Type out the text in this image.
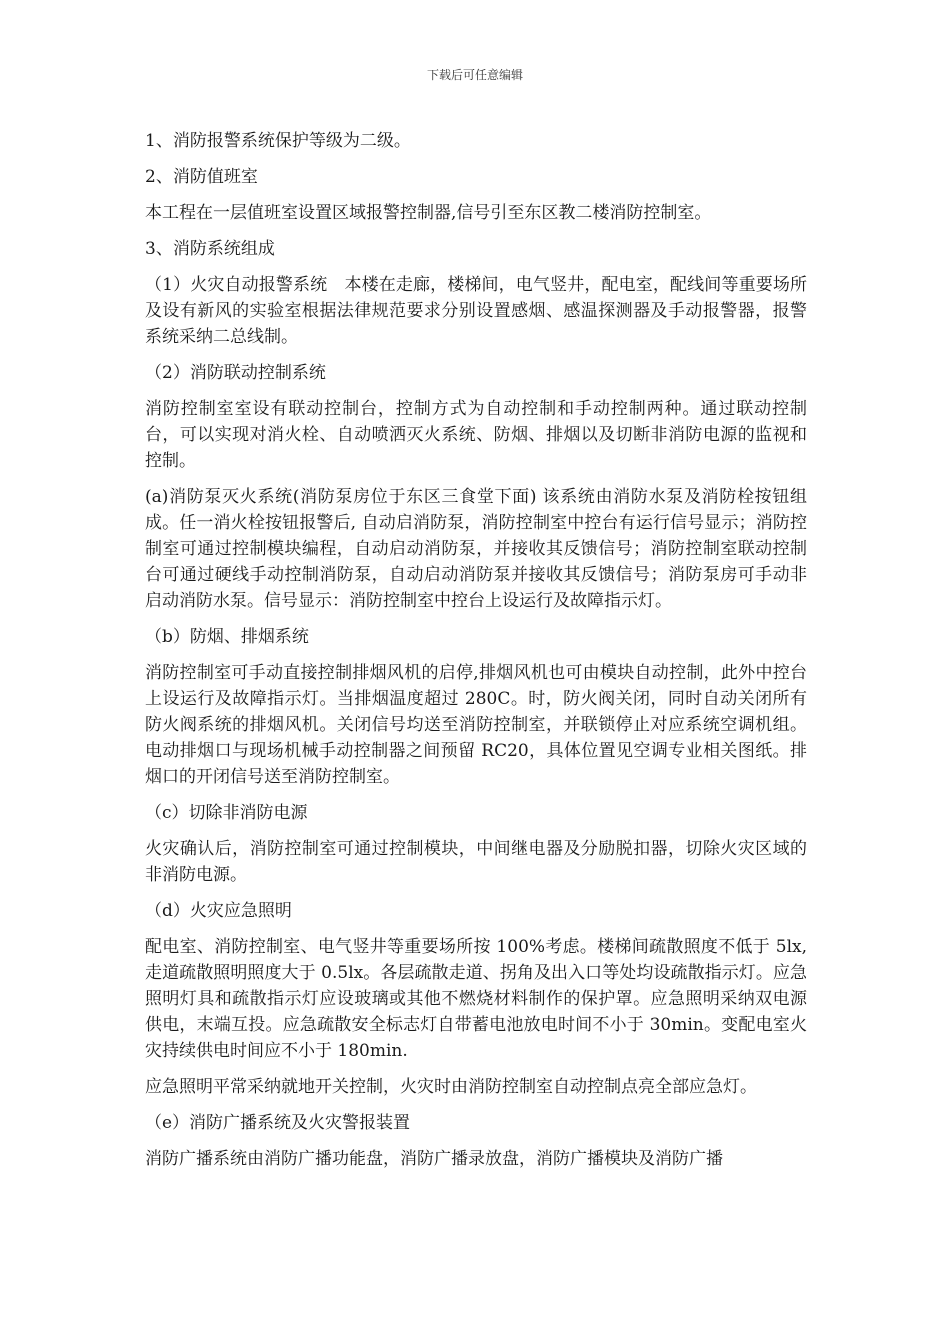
下载后可任意编辑

1、消防报警系统保护等级为二级。

2、消防值班室

本工程在一层值班室设置区域报警控制器,信号引至东区教二楼消防控制室。

3、消防系统组成

（1）火灾自动报警系统　本楼在走廊，楼梯间，电气竖井，配电室，配线间等重要场所及设有新风的实验室根据法律规范要求分别设置感烟、感温探测器及手动报警器，报警系统采纳二总线制。

（2）消防联动控制系统

消防控制室室设有联动控制台，控制方式为自动控制和手动控制两种。通过联动控制台，可以实现对消火栓、自动喷洒灭火系统、防烟、排烟以及切断非消防电源的监视和控制。

(a)消防泵灭火系统(消防泵房位于东区三食堂下面) 该系统由消防水泵及消防栓按钮组成。任一消火栓按钮报警后, 自动启消防泵，消防控制室中控台有运行信号显示；消防控制室可通过控制模块编程，自动启动消防泵，并接收其反馈信号；消防控制室联动控制台可通过硬线手动控制消防泵，自动启动消防泵并接收其反馈信号；消防泵房可手动非启动消防水泵。信号显示：消防控制室中控台上设运行及故障指示灯。

（b）防烟、排烟系统

消防控制室可手动直接控制排烟风机的启停,排烟风机也可由模块自动控制，此外中控台上设运行及故障指示灯。当排烟温度超过 280C。时，防火阀关闭，同时自动关闭所有防火阀系统的排烟风机。关闭信号均送至消防控制室，并联锁停止对应系统空调机组。电动排烟口与现场机械手动控制器之间预留 RC20，具体位置见空调专业相关图纸。排烟口的开闭信号送至消防控制室。

（c）切除非消防电源

火灾确认后，消防控制室可通过控制模块，中间继电器及分励脱扣器，切除火灾区域的非消防电源。

（d）火灾应急照明

配电室、消防控制室、电气竖井等重要场所按 100%考虑。楼梯间疏散照度不低于 5lx, 走道疏散照明照度大于 0.5lx。各层疏散走道、拐角及出入口等处均设疏散指示灯。应急照明灯具和疏散指示灯应设玻璃或其他不燃烧材料制作的保护罩。应急照明采纳双电源供电，末端互投。应急疏散安全标志灯自带蓄电池放电时间不小于 30min。变配电室火灾持续供电时间应不小于 180min.

应急照明平常采纳就地开关控制，火灾时由消防控制室自动控制点亮全部应急灯。

（e）消防广播系统及火灾警报装置

消防广播系统由消防广播功能盘，消防广播录放盘，消防广播模块及消防广播
